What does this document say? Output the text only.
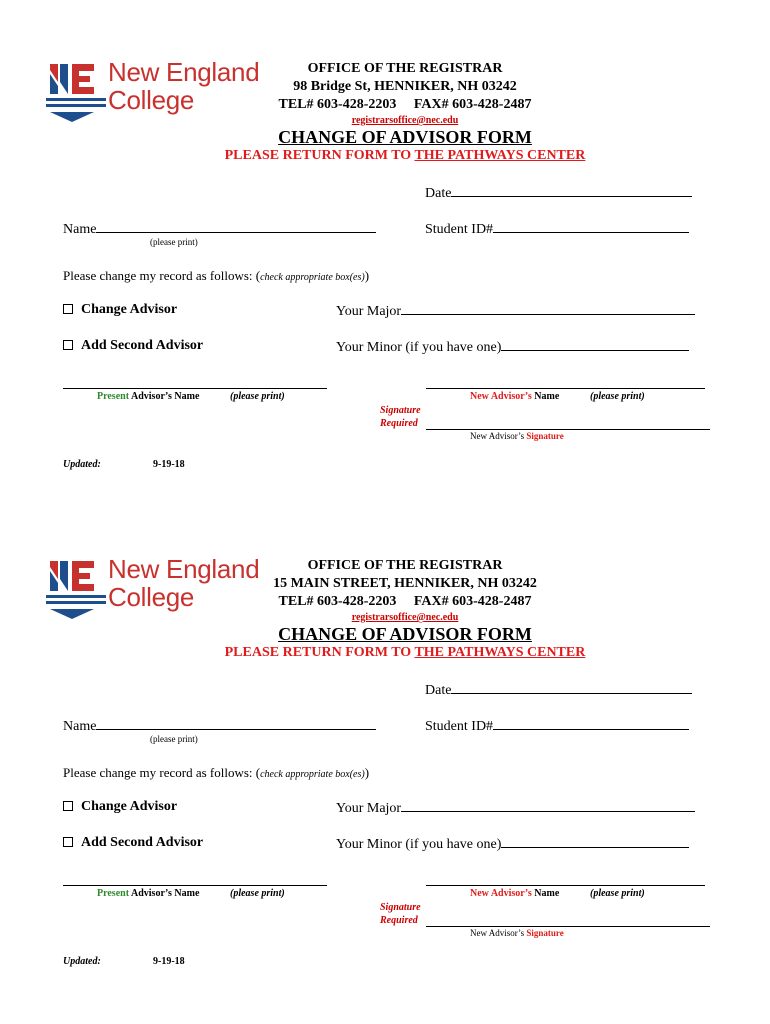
New England
College
OFFICE OF THE REGISTRAR
98 Bridge St, HENNIKER, NH 03242
TEL# 603-428-2203     FAX# 603-428-2487
registrarsoffice@nec.edu
CHANGE OF ADVISOR FORM
PLEASE RETURN FORM TO THE PATHWAYS CENTER
Date
Name
(please print)
Student ID#
Please change my record as follows: (check appropriate box(es))
Change Advisor	Your Major
Add Second Advisor	Your Minor (if you have one)
Present Advisor’s Name	(please print)	New Advisor’s Name	(please print)
Signature
Required
New Advisor’s Signature
Updated:	9-19-18
New England
College
OFFICE OF THE REGISTRAR
15 MAIN STREET, HENNIKER, NH 03242
TEL# 603-428-2203     FAX# 603-428-2487
registrarsoffice@nec.edu
CHANGE OF ADVISOR FORM
PLEASE RETURN FORM TO THE PATHWAYS CENTER
Date
Name
(please print)
Student ID#
Please change my record as follows: (check appropriate box(es))
Change Advisor	Your Major
Add Second Advisor	Your Minor (if you have one)
Present Advisor’s Name	(please print)	New Advisor’s Name	(please print)
Signature
Required
New Advisor’s Signature
Updated:	9-19-18
